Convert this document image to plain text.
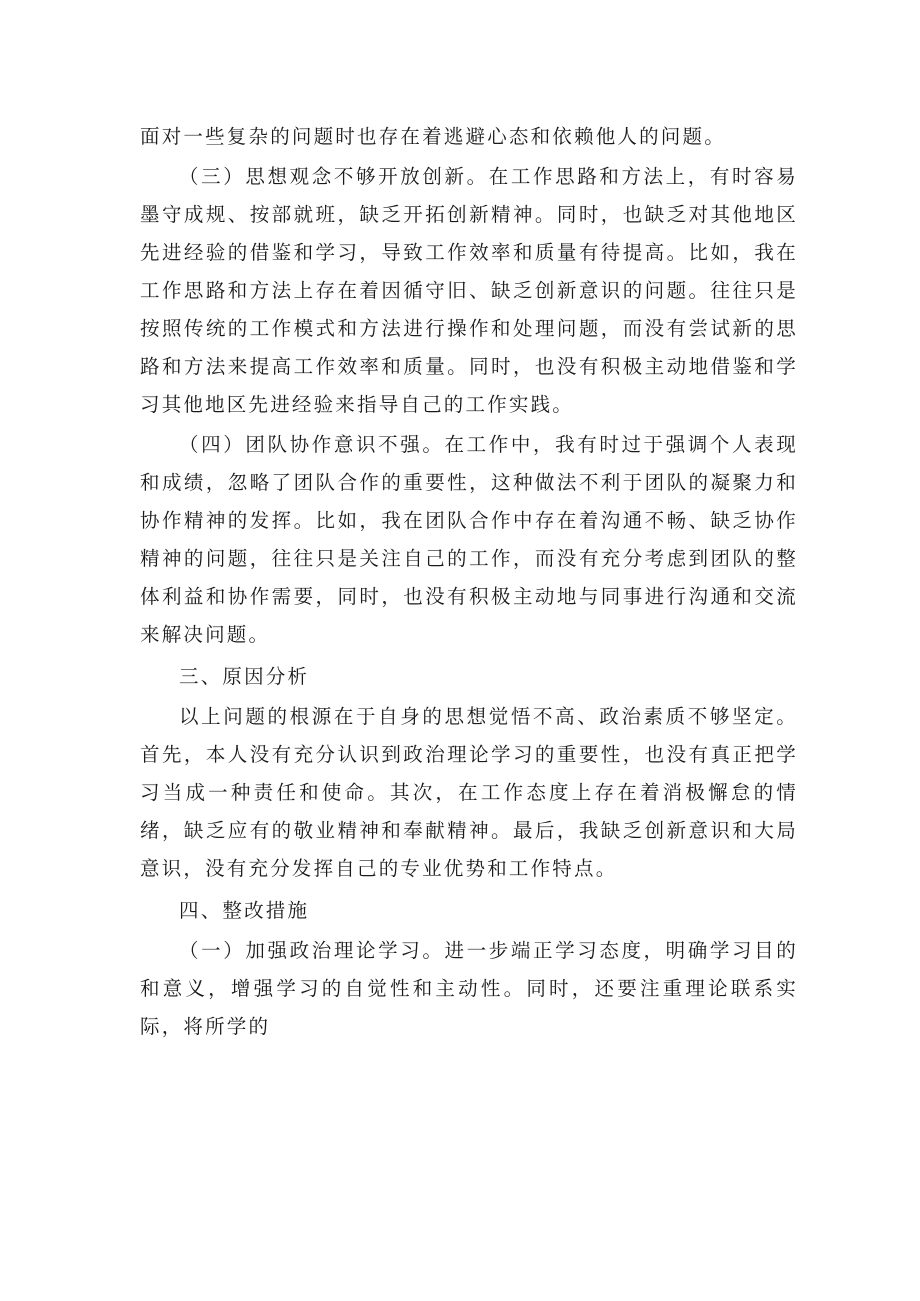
面对一些复杂的问题时也存在着逃避心态和依赖他人的问题。

（三）思想观念不够开放创新。在工作思路和方法上，有时容易墨守成规、按部就班，缺乏开拓创新精神。同时，也缺乏对其他地区先进经验的借鉴和学习，导致工作效率和质量有待提高。比如，我在工作思路和方法上存在着因循守旧、缺乏创新意识的问题。往往只是按照传统的工作模式和方法进行操作和处理问题，而没有尝试新的思路和方法来提高工作效率和质量。同时，也没有积极主动地借鉴和学习其他地区先进经验来指导自己的工作实践。

（四）团队协作意识不强。在工作中，我有时过于强调个人表现和成绩，忽略了团队合作的重要性，这种做法不利于团队的凝聚力和协作精神的发挥。比如，我在团队合作中存在着沟通不畅、缺乏协作精神的问题，往往只是关注自己的工作，而没有充分考虑到团队的整体利益和协作需要，同时，也没有积极主动地与同事进行沟通和交流来解决问题。

三、原因分析

以上问题的根源在于自身的思想觉悟不高、政治素质不够坚定。首先，本人没有充分认识到政治理论学习的重要性，也没有真正把学习当成一种责任和使命。其次，在工作态度上存在着消极懈怠的情绪，缺乏应有的敬业精神和奉献精神。最后，我缺乏创新意识和大局意识，没有充分发挥自己的专业优势和工作特点。

四、整改措施

（一）加强政治理论学习。进一步端正学习态度，明确学习目的和意义，增强学习的自觉性和主动性。同时，还要注重理论联系实际，将所学的
